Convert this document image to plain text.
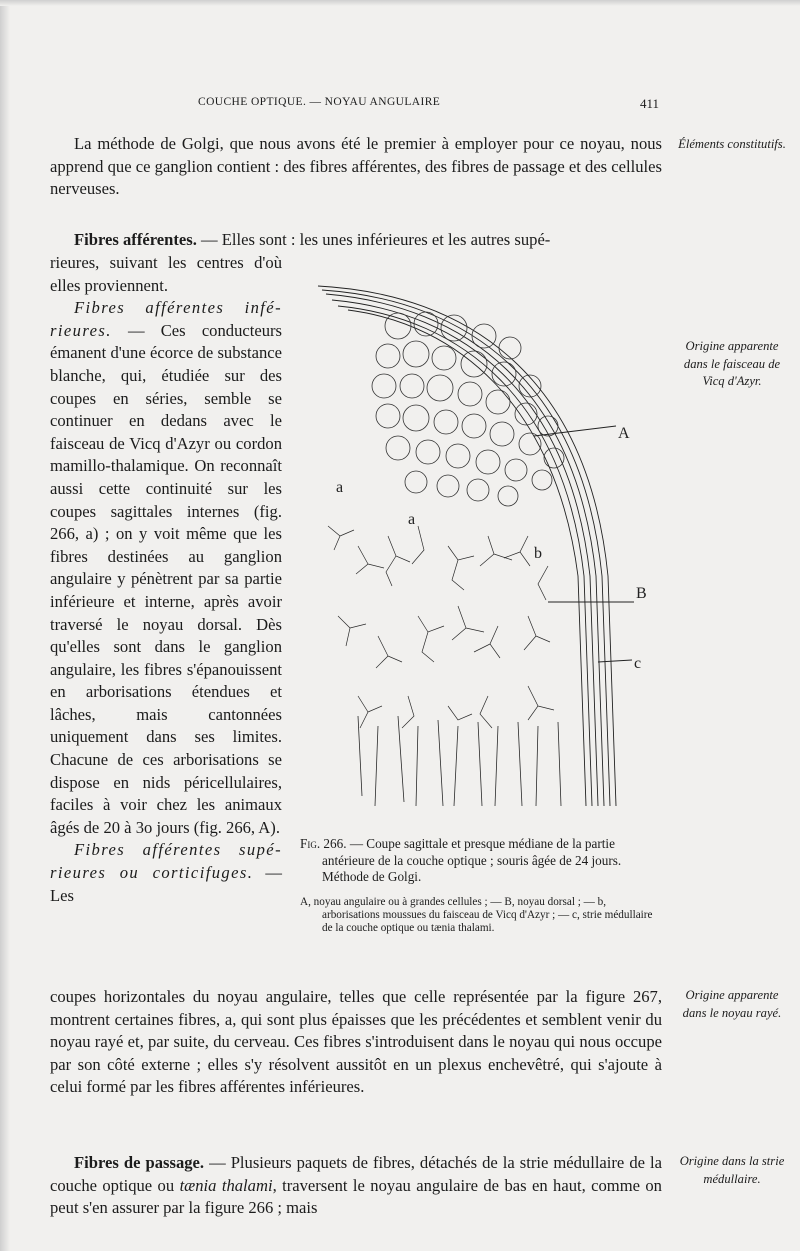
COUCHE OPTIQUE. — NOYAU ANGULAIRE	411

La méthode de Golgi, que nous avons été le premier à employer pour ce noyau, nous apprend que ce ganglion contient : des fibres afférentes, des fibres de passage et des cellules nerveuses.

Fibres afférentes. — Elles sont : les unes inférieures et les autres supé-

rieures, suivant les centres d'où elles proviennent.

Fibres afférentes infé-rieures. — Ces conducteurs émanent d'une écorce de substance blanche, qui, étudiée sur des coupes en séries, semble se continuer en dedans avec le faisceau de Vicq d'Azyr ou cordon mamillo-thalamique. On reconnaît aussi cette continuité sur les coupes sagittales internes (fig. 266, a) ; on y voit même que les fibres destinées au ganglion angulaire y pénètrent par sa partie inférieure et interne, après avoir traversé le noyau dorsal. Dès qu'elles sont dans le ganglion angulaire, les fibres s'épanouissent en arborisations étendues et lâches, mais cantonnées uniquement dans ses limites. Chacune de ces arborisations se dispose en nids péricellulaires, faciles à voir chez les animaux âgés de 20 à 3o jours (fig. 266, A).

Fibres afférentes supé-rieures ou corticifuges. — Les

coupes horizontales du noyau angulaire, telles que celle représentée par la figure 267, montrent certaines fibres, a, qui sont plus épaisses que les précédentes et semblent venir du noyau rayé et, par suite, du cerveau. Ces fibres s'introduisent dans le noyau qui nous occupe par son côté externe ; elles s'y résolvent aussitôt en un plexus enchevêtré, qui s'ajoute à celui formé par les fibres afférentes inférieures.

Fibres de passage. — Plusieurs paquets de fibres, détachés de la strie médullaire de la couche optique ou tænia thalami, traversent le noyau angulaire de bas en haut, comme on peut s'en assurer par la figure 266 ; mais

Éléments constitutifs.
Origine apparente dans le faisceau de Vicq d'Azyr.
Origine apparente dans le noyau rayé.
Origine dans la strie médullaire.
A
B
b
c
a
a
Fig. 266. — Coupe sagittale et presque médiane de la partie antérieure de la couche optique ; souris âgée de 24 jours. Méthode de Golgi.
A, noyau angulaire ou à grandes cellules ; — B, noyau dorsal ; — b, arborisations moussues du faisceau de Vicq d'Azyr ; — c, strie médullaire de la couche optique ou tænia thalami.
